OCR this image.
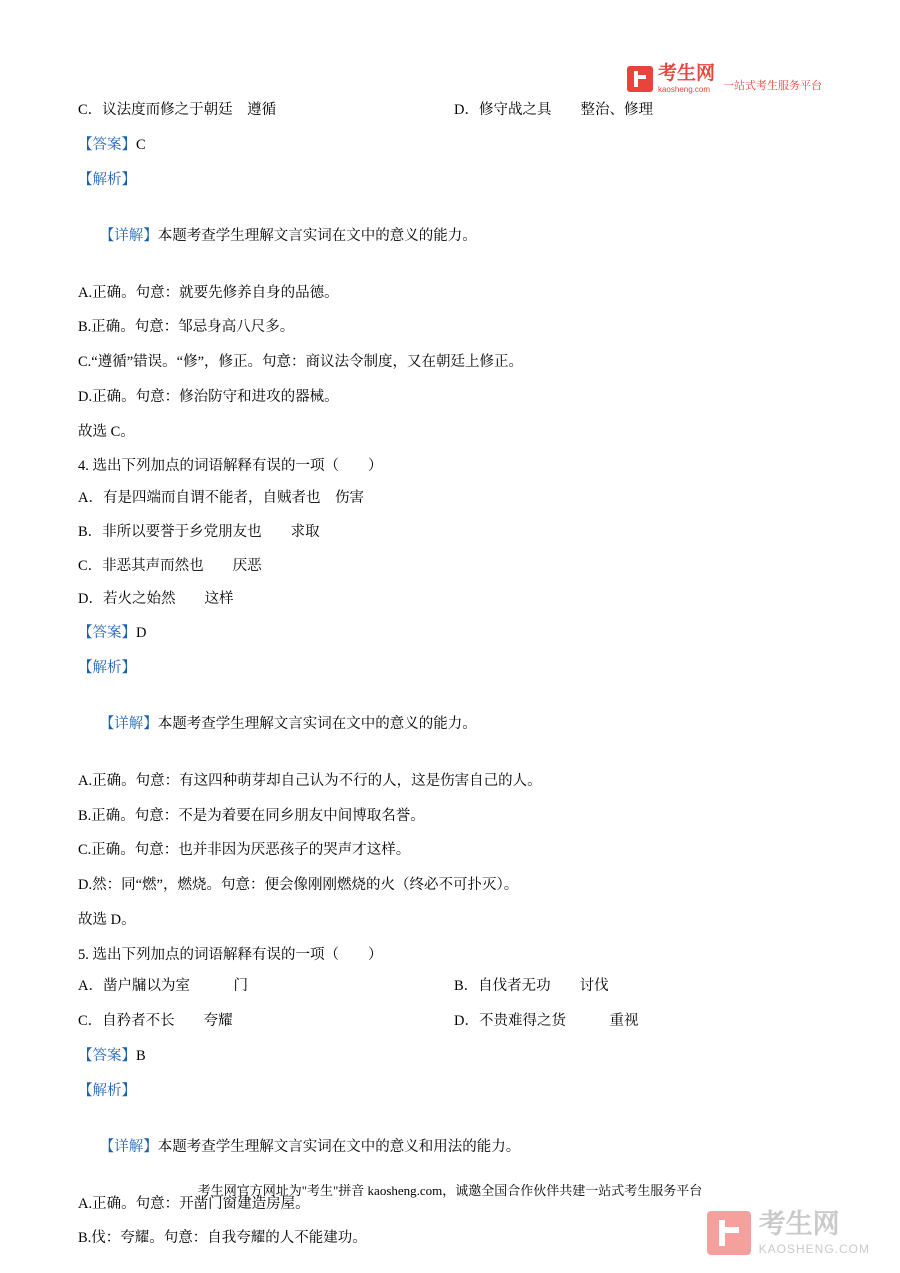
考生网
kaosheng.com	一站式考生服务平台
C．议法度而修之于朝廷　遵循	D．修守战之具　　整治、修理
【答案】C
【解析】

【详解】本题考查学生理解文言实词在文中的意义的能力。

A.正确。句意：就要先修养自身的品德。
B.正确。句意：邹忌身高八尺多。
C.“遵循”错误。“修”，修正。句意：商议法令制度，又在朝廷上修正。
D.正确。句意：修治防守和进攻的器械。
故选 C。
4. 选出下列加点的词语解释有误的一项（　　）
A．有是四端而自谓不能者，自贼者也　伤害
B．非所以要誉于乡党朋友也　　求取
C．非恶其声而然也　　厌恶
D．若火之始然　　这样
【答案】D
【解析】

【详解】本题考查学生理解文言实词在文中的意义的能力。

A.正确。句意：有这四种萌芽却自己认为不行的人，这是伤害自己的人。
B.正确。句意：不是为着要在同乡朋友中间博取名誉。
C.正确。句意：也并非因为厌恶孩子的哭声才这样。
D.然：同“燃”，燃烧。句意：便会像刚刚燃烧的火（终必不可扑灭）。
故选 D。
5. 选出下列加点的词语解释有误的一项（　　）
A．凿户牖以为室　　　门	B．自伐者无功　　讨伐
C．自矜者不长　　夸耀	D．不贵难得之货　　　重视
【答案】B
【解析】

【详解】本题考查学生理解文言实词在文中的意义和用法的能力。

A.正确。句意：开凿门窗建造房屋。
B.伐：夸耀。句意：自我夸耀的人不能建功。
考生网官方网址为"考生"拼音 kaosheng.com，诚邀全国合作伙伴共建一站式考生服务平台
考生网
KAOSHENG.COM
